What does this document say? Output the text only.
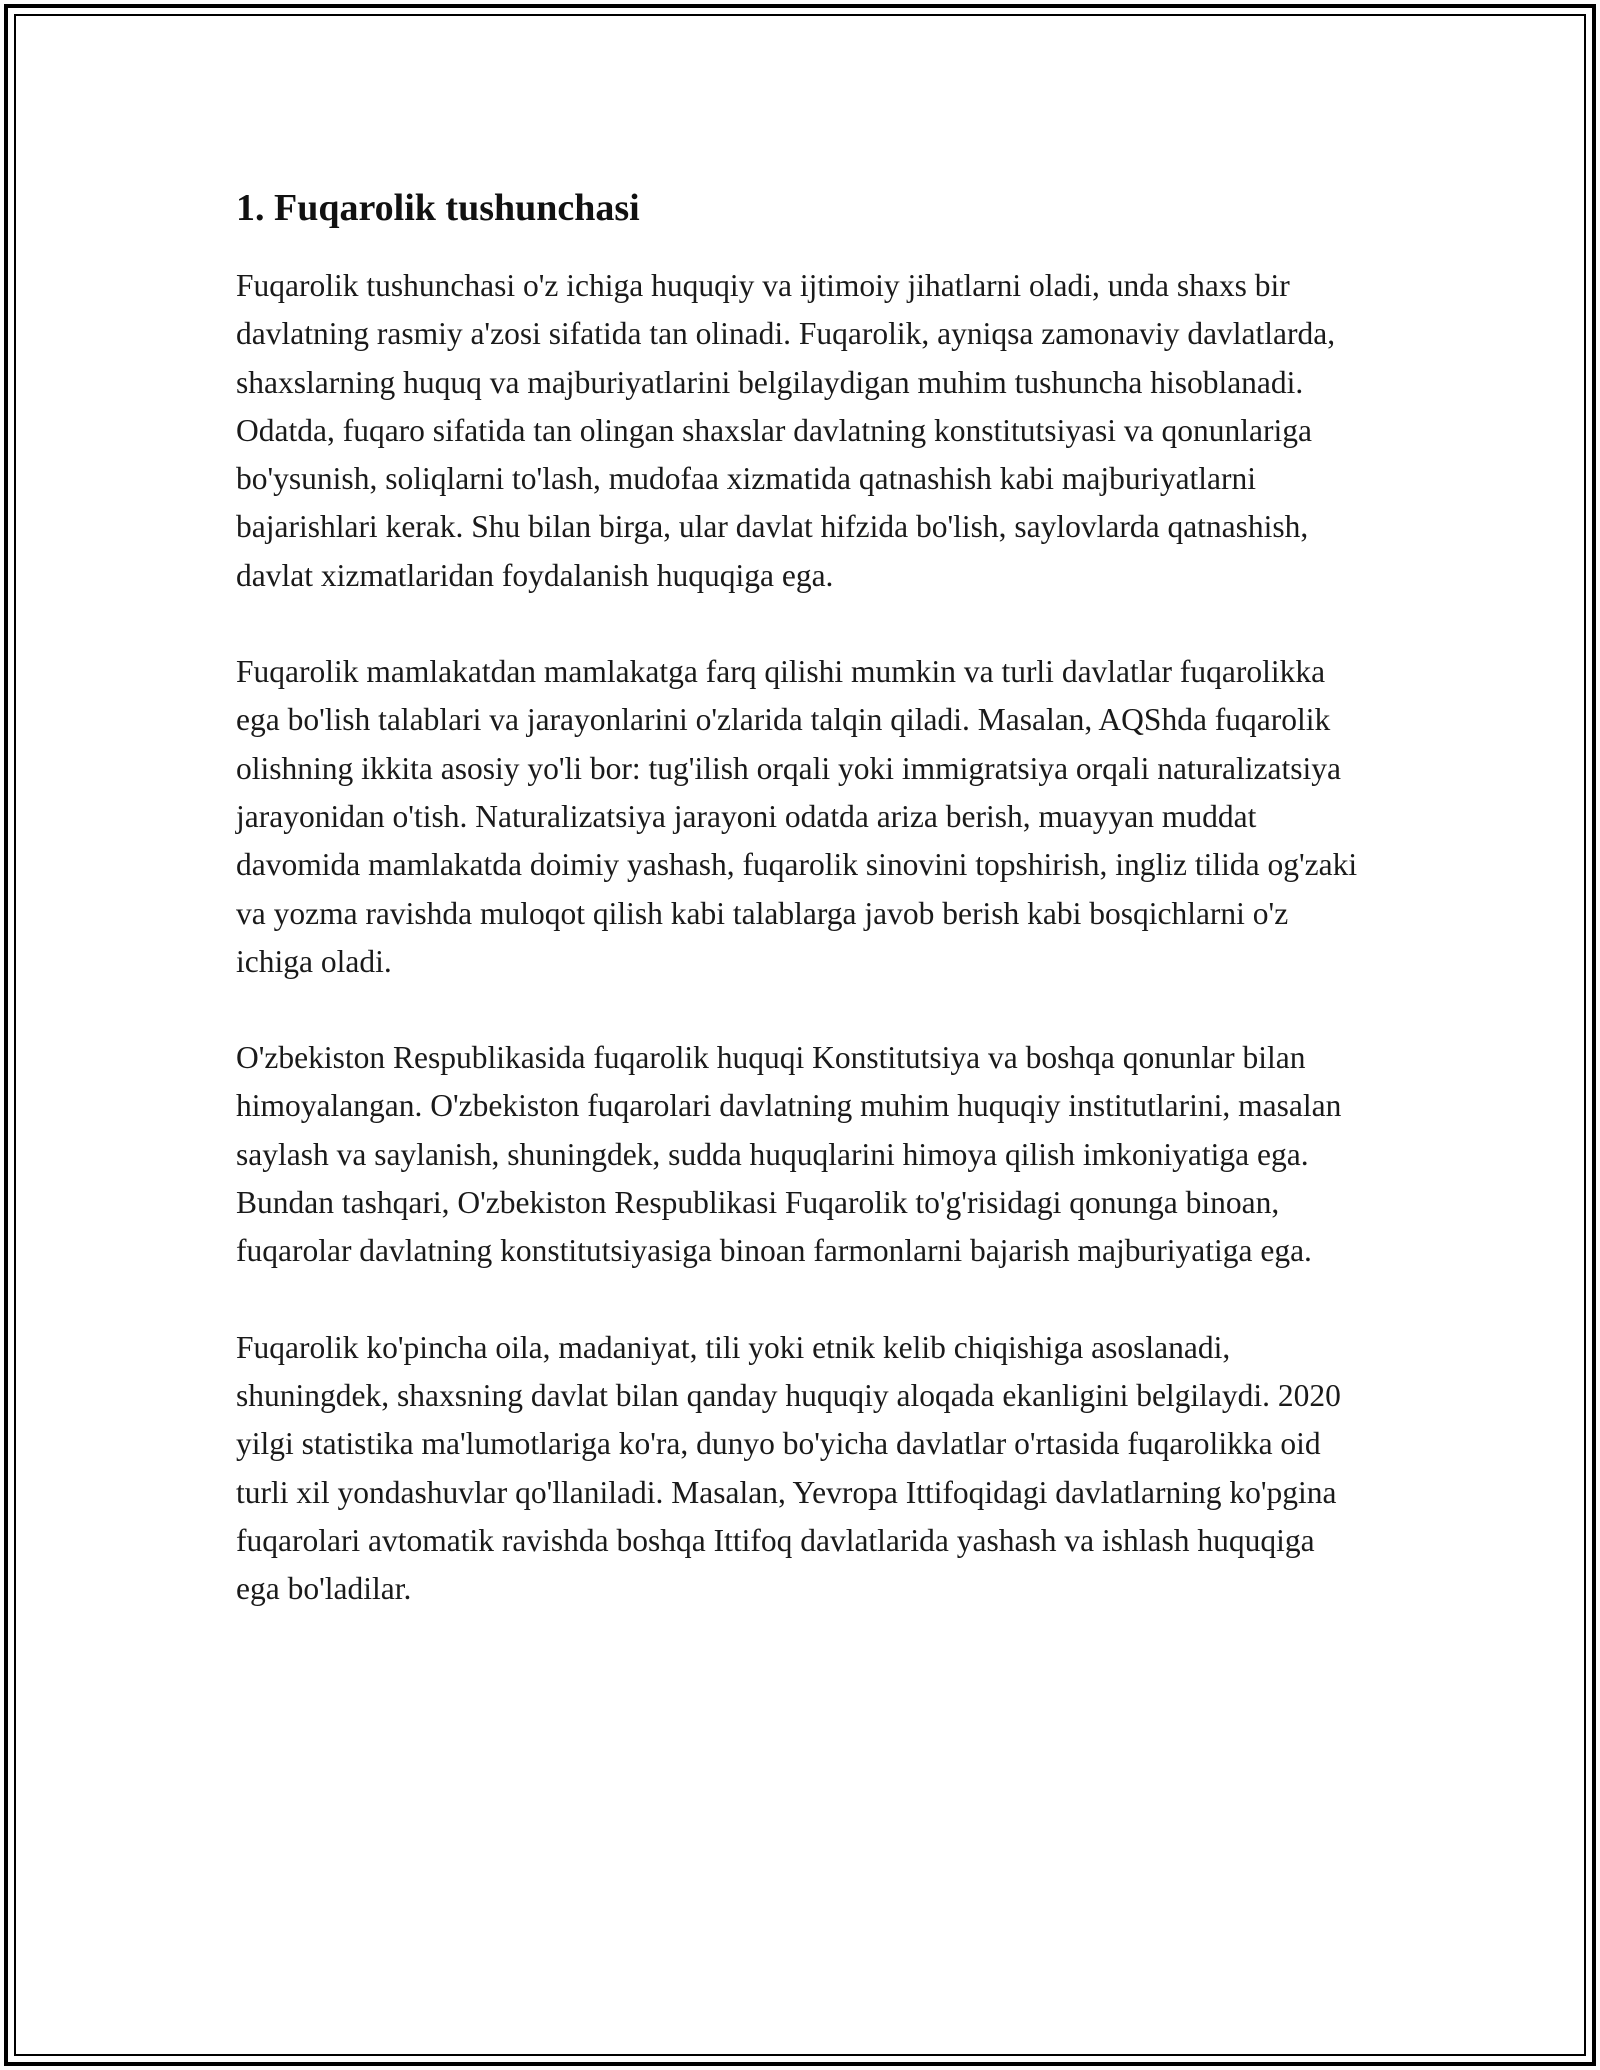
1. Fuqarolik tushunchasi

Fuqarolik tushunchasi o'z ichiga huquqiy va ijtimoiy jihatlarni oladi, unda shaxs bir davlatning rasmiy a'zosi sifatida tan olinadi. Fuqarolik, ayniqsa zamonaviy davlatlarda, shaxslarning huquq va majburiyatlarini belgilaydigan muhim tushuncha hisoblanadi. Odatda, fuqaro sifatida tan olingan shaxslar davlatning konstitutsiyasi va qonunlariga bo'ysunish, soliqlarni to'lash, mudofaa xizmatida qatnashish kabi majburiyatlarni bajarishlari kerak. Shu bilan birga, ular davlat hifzida bo'lish, saylovlarda qatnashish, davlat xizmatlaridan foydalanish huquqiga ega.

Fuqarolik mamlakatdan mamlakatga farq qilishi mumkin va turli davlatlar fuqarolikka ega bo'lish talablari va jarayonlarini o'zlarida talqin qiladi. Masalan, AQShda fuqarolik olishning ikkita asosiy yo'li bor: tug'ilish orqali yoki immigratsiya orqali naturalizatsiya jarayonidan o'tish. Naturalizatsiya jarayoni odatda ariza berish, muayyan muddat davomida mamlakatda doimiy yashash, fuqarolik sinovini topshirish, ingliz tilida og'zaki va yozma ravishda muloqot qilish kabi talablarga javob berish kabi bosqichlarni o'z ichiga oladi.

O'zbekiston Respublikasida fuqarolik huquqi Konstitutsiya va boshqa qonunlar bilan himoyalangan. O'zbekiston fuqarolari davlatning muhim huquqiy institutlarini, masalan saylash va saylanish, shuningdek, sudda huquqlarini himoya qilish imkoniyatiga ega. Bundan tashqari, O'zbekiston Respublikasi Fuqarolik to'g'risidagi qonunga binoan, fuqarolar davlatning konstitutsiyasiga binoan farmonlarni bajarish majburiyatiga ega.

Fuqarolik ko'pincha oila, madaniyat, tili yoki etnik kelib chiqishiga asoslanadi, shuningdek, shaxsning davlat bilan qanday huquqiy aloqada ekanligini belgilaydi. 2020 yilgi statistika ma'lumotlariga ko'ra, dunyo bo'yicha davlatlar o'rtasida fuqarolikka oid turli xil yondashuvlar qo'llaniladi. Masalan, Yevropa Ittifoqidagi davlatlarning ko'pgina fuqarolari avtomatik ravishda boshqa Ittifoq davlatlarida yashash va ishlash huquqiga ega bo'ladilar.
